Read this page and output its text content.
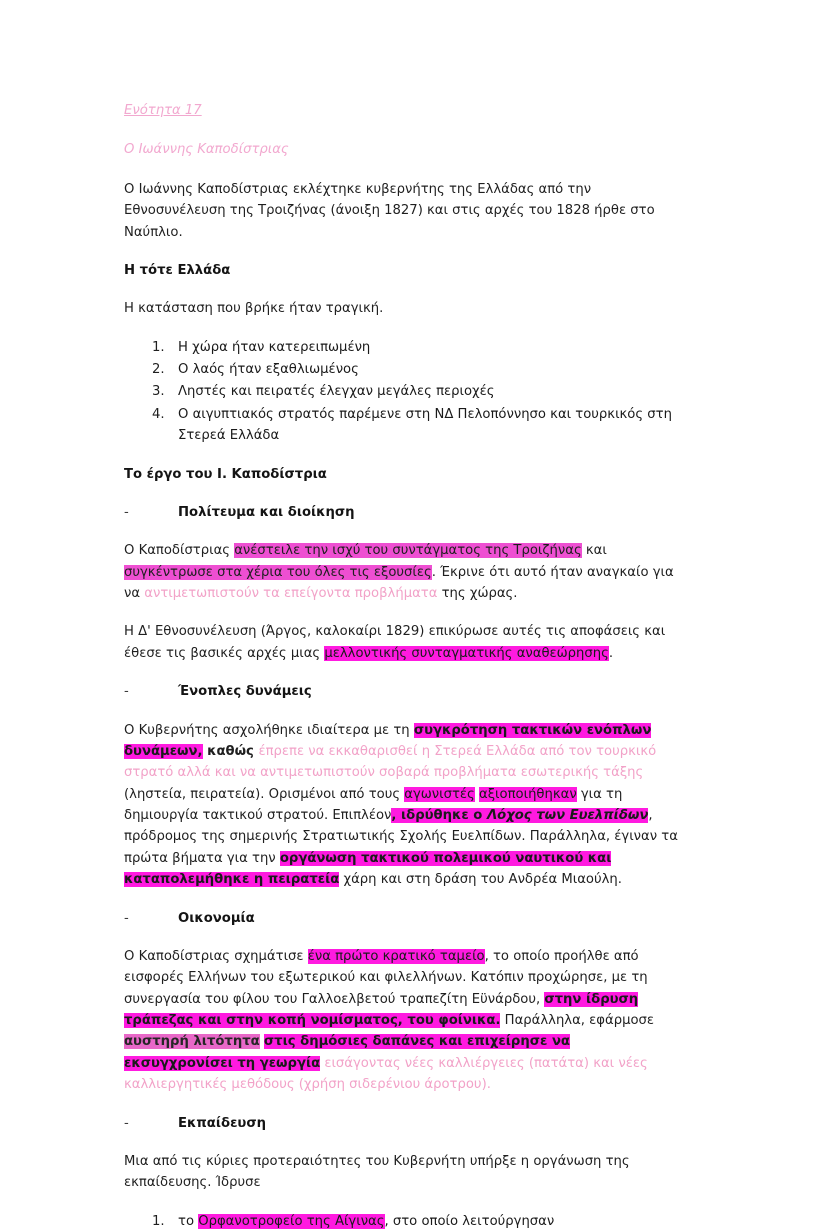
Ενότητα 17
Ο Ιωάννης Καποδίστριας

Ο Ιωάννης Καποδίστριας εκλέχτηκε κυβερνήτης της Ελλάδας από την Εθνοσυνέλευση της Τροιζήνας (άνοιξη 1827) και στις αρχές του 1828 ήρθε στο Ναύπλιο.

Η τότε Ελλάδα

Η κατάσταση που βρήκε ήταν τραγική.

Η χώρα ήταν κατερειπωμένη
Ο λαός ήταν εξαθλιωμένος
Ληστές και πειρατές έλεγχαν μεγάλες περιοχές
Ο αιγυπτιακός στρατός παρέμενε στη ΝΔ Πελοπόννησο και τουρκικός στη Στερεά Ελλάδα
Το έργο του Ι. Καποδίστρια
-	Πολίτευμα και διοίκηση

Ο Καποδίστριας ανέστειλε την ισχύ του συντάγματος της Τροιζήνας και συγκέντρωσε στα χέρια του όλες τις εξουσίες. Έκρινε ότι αυτό ήταν αναγκαίο για να αντιμετωπιστούν τα επείγοντα προβλήματα της χώρας.

Η Δ' Εθνοσυνέλευση (Άργος, καλοκαίρι 1829) επικύρωσε αυτές τις αποφάσεις και έθεσε τις βασικές αρχές μιας μελλοντικής συνταγματικής αναθεώρησης.

-	Ένοπλες δυνάμεις

Ο Κυβερνήτης ασχολήθηκε ιδιαίτερα με τη συγκρότηση τακτικών ενόπλων δυνάμεων, καθώς έπρεπε να εκκαθαρισθεί η Στερεά Ελλάδα από τον τουρκικό στρατό αλλά και να αντιμετωπιστούν σοβαρά προβλήματα εσωτερικής τάξης (ληστεία, πειρατεία). Ορισμένοι από τους αγωνιστές αξιοποιήθηκαν για τη δημιουργία τακτικού στρατού. Επιπλέον, ιδρύθηκε ο Λόχος των Ευελπίδων, πρόδρομος της σημερινής Στρατιωτικής Σχολής Ευελπίδων. Παράλληλα, έγιναν τα πρώτα βήματα για την οργάνωση τακτικού πολεμικού ναυτικού και καταπολεμήθηκε η πειρατεία χάρη και στη δράση του Ανδρέα Μιαούλη.

-	Οικονομία

Ο Καποδίστριας σχημάτισε ένα πρώτο κρατικό ταμείο, το οποίο προήλθε από εισφορές Ελλήνων του εξωτερικού και φιλελλήνων. Κατόπιν προχώρησε, με τη συνεργασία του φίλου του Γαλλοελβετού τραπεζίτη Εϋνάρδου, στην ίδρυση τράπεζας και στην κοπή νομίσματος, του φοίνικα. Παράλληλα, εφάρμοσε αυστηρή λιτότητα στις δημόσιες δαπάνες και επιχείρησε να εκσυγχρονίσει τη γεωργία εισάγοντας νέες καλλιέργειες (πατάτα) και νέες καλλιεργητικές μεθόδους (χρήση σιδερένιου άροτρου).

-	Εκπαίδευση

Μια από τις κύριες προτεραιότητες του Κυβερνήτη υπήρξε η οργάνωση της εκπαίδευσης. Ίδρυσε

το Ορφανοτροφείο της Αίγινας, στο οποίο λειτούργησαν
